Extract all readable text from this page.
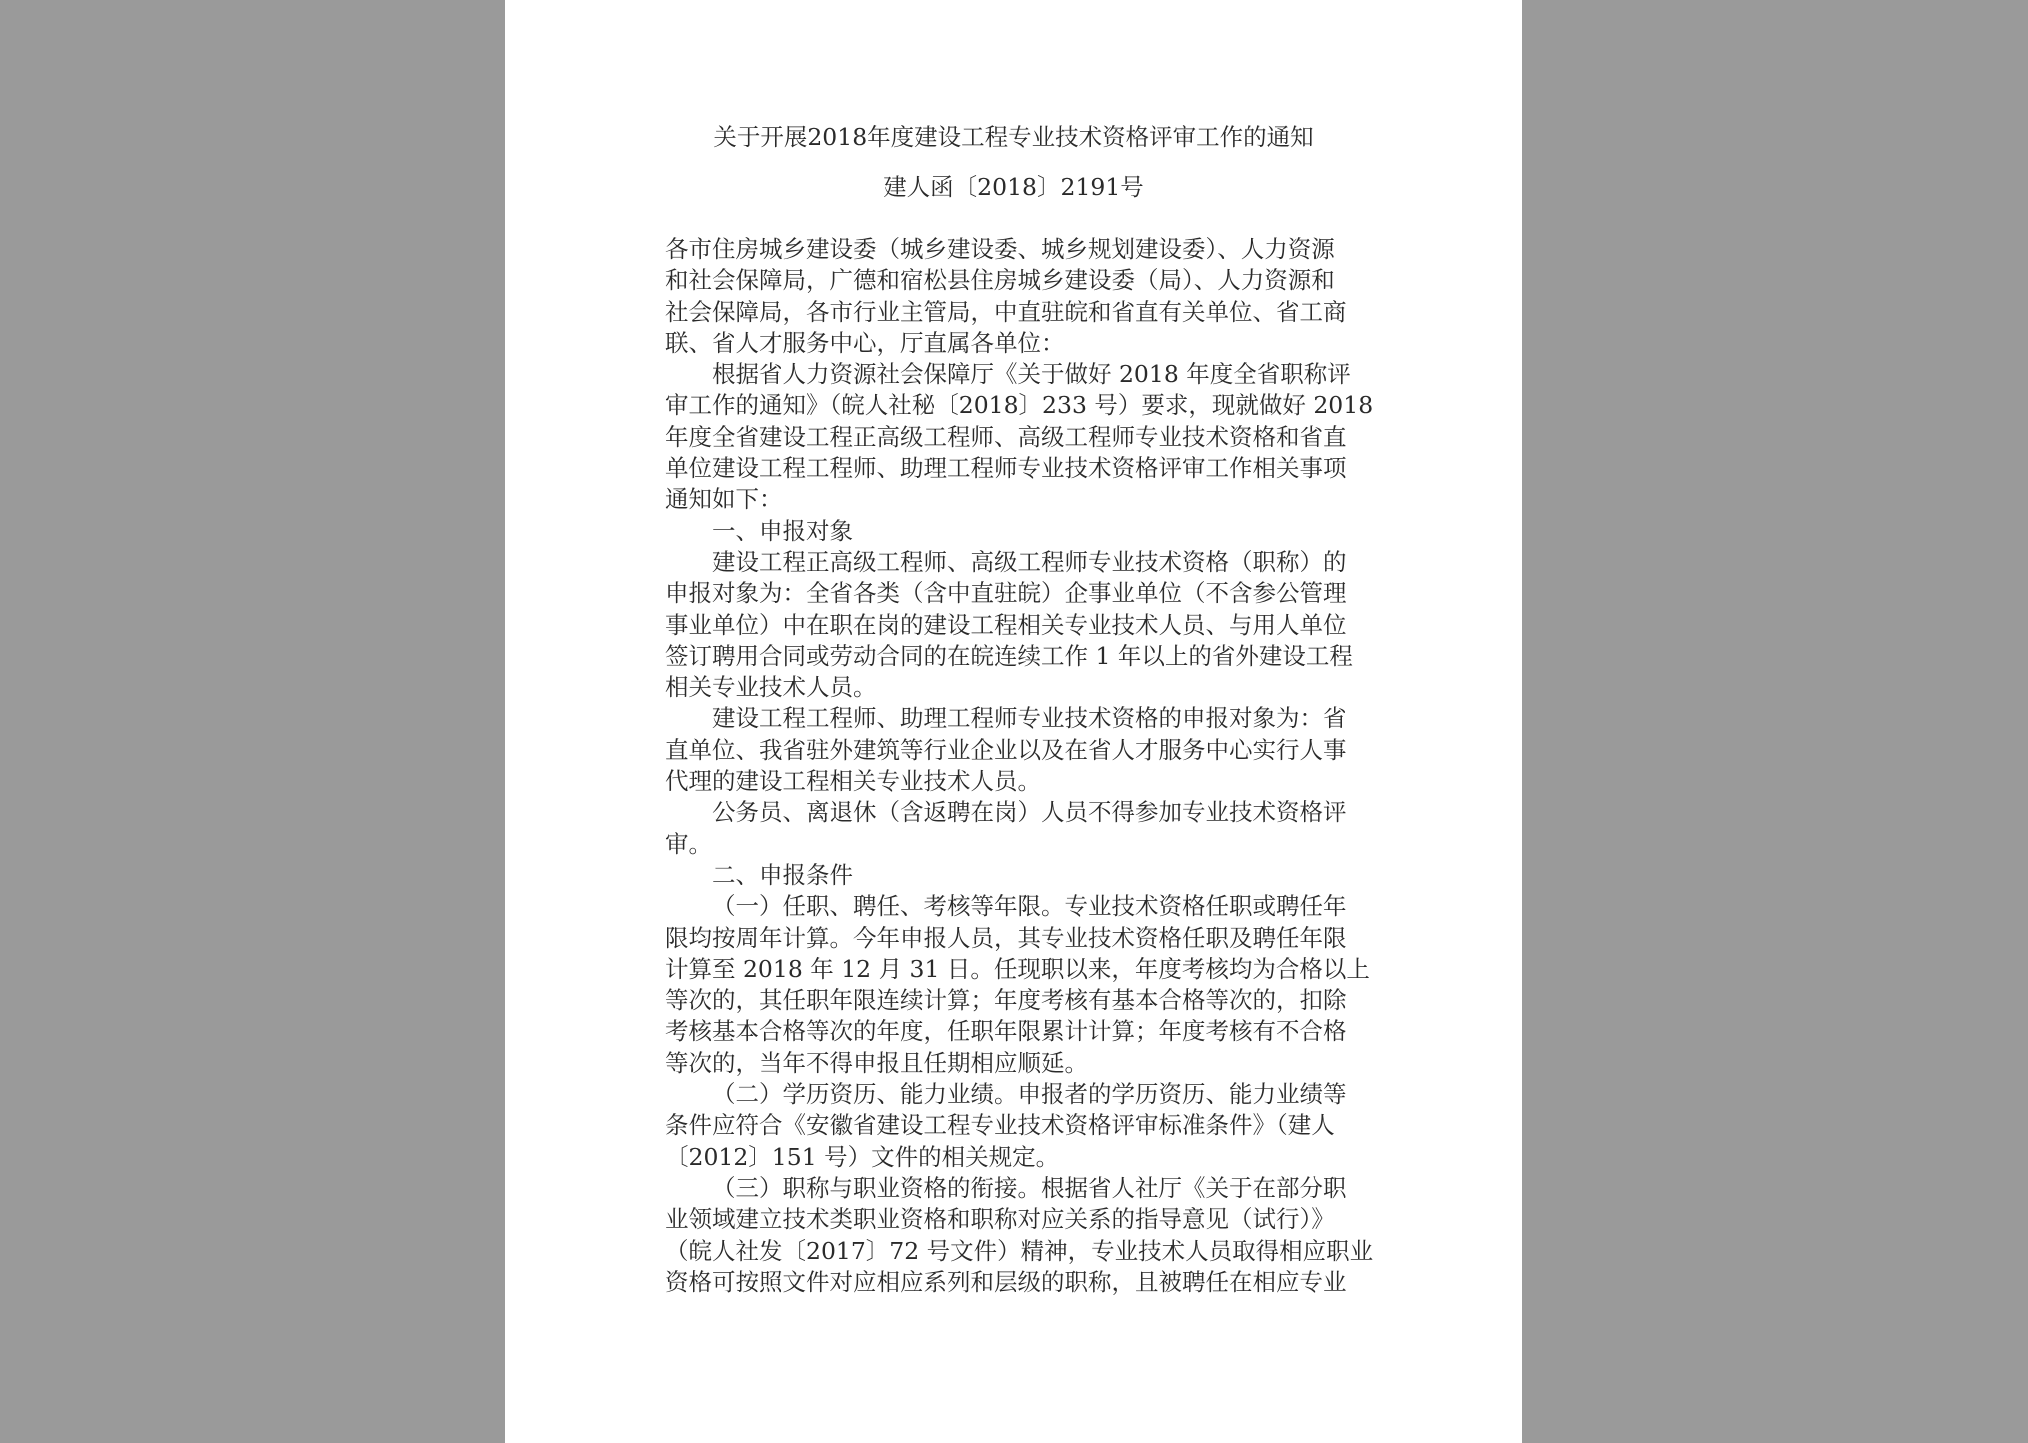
关于开展2018年度建设工程专业技术资格评审工作的通知
建人函〔2018〕2191号
各市住房城乡建设委（城乡建设委、城乡规划建设委）、人力资源
和社会保障局，广德和宿松县住房城乡建设委（局）、人力资源和
社会保障局，各市行业主管局，中直驻皖和省直有关单位、省工商
联、省人才服务中心，厅直属各单位：
根据省人力资源社会保障厅《关于做好 2018 年度全省职称评
审工作的通知》（皖人社秘〔2018〕233 号）要求，现就做好 2018
年度全省建设工程正高级工程师、高级工程师专业技术资格和省直
单位建设工程工程师、助理工程师专业技术资格评审工作相关事项
通知如下：
一、申报对象
建设工程正高级工程师、高级工程师专业技术资格（职称）的
申报对象为：全省各类（含中直驻皖）企事业单位（不含参公管理
事业单位）中在职在岗的建设工程相关专业技术人员、与用人单位
签订聘用合同或劳动合同的在皖连续工作 1 年以上的省外建设工程
相关专业技术人员。
建设工程工程师、助理工程师专业技术资格的申报对象为：省
直单位、我省驻外建筑等行业企业以及在省人才服务中心实行人事
代理的建设工程相关专业技术人员。
公务员、离退休（含返聘在岗）人员不得参加专业技术资格评
审。
二、申报条件
（一）任职、聘任、考核等年限。专业技术资格任职或聘任年
限均按周年计算。今年申报人员，其专业技术资格任职及聘任年限
计算至 2018 年 12 月 31 日。任现职以来，年度考核均为合格以上
等次的，其任职年限连续计算；年度考核有基本合格等次的，扣除
考核基本合格等次的年度，任职年限累计计算；年度考核有不合格
等次的，当年不得申报且任期相应顺延。
（二）学历资历、能力业绩。申报者的学历资历、能力业绩等
条件应符合《安徽省建设工程专业技术资格评审标准条件》（建人
〔2012〕151 号）文件的相关规定。
（三）职称与职业资格的衔接。根据省人社厅《关于在部分职
业领域建立技术类职业资格和职称对应关系的指导意见（试行）》
（皖人社发〔2017〕72 号文件）精神，专业技术人员取得相应职业
资格可按照文件对应相应系列和层级的职称，且被聘任在相应专业
